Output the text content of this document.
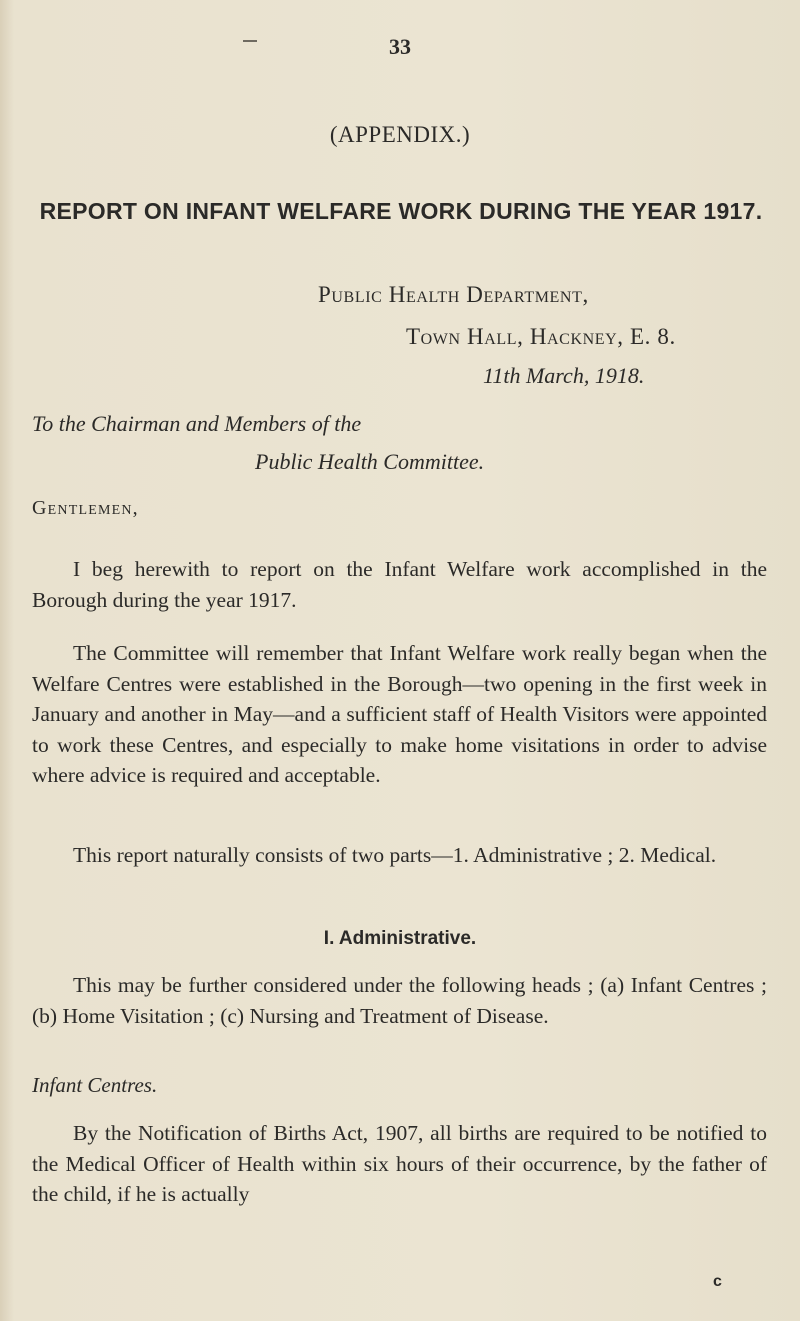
33
(APPENDIX.)
REPORT ON INFANT WELFARE WORK DURING THE YEAR 1917.
Public Health Department,
Town Hall, Hackney, E. 8.
11th March, 1918.
To the Chairman and Members of the
Public Health Committee.
Gentlemen,
I beg herewith to report on the Infant Welfare work accomplished in the Borough during the year 1917.
The Committee will remember that Infant Welfare work really began when the Welfare Centres were established in the Borough—two opening in the first week in January and another in May—and a sufficient staff of Health Visitors were appointed to work these Centres, and especially to make home visitations in order to advise where advice is required and acceptable.
This report naturally consists of two parts—1. Administrative ; 2. Medical.
I. Administrative.
This may be further considered under the following heads ; (a) Infant Centres ; (b) Home Visitation ; (c) Nursing and Treatment of Disease.
Infant Centres.
By the Notification of Births Act, 1907, all births are required to be notified to the Medical Officer of Health within six hours of their occurrence, by the father of the child, if he is actually
c
